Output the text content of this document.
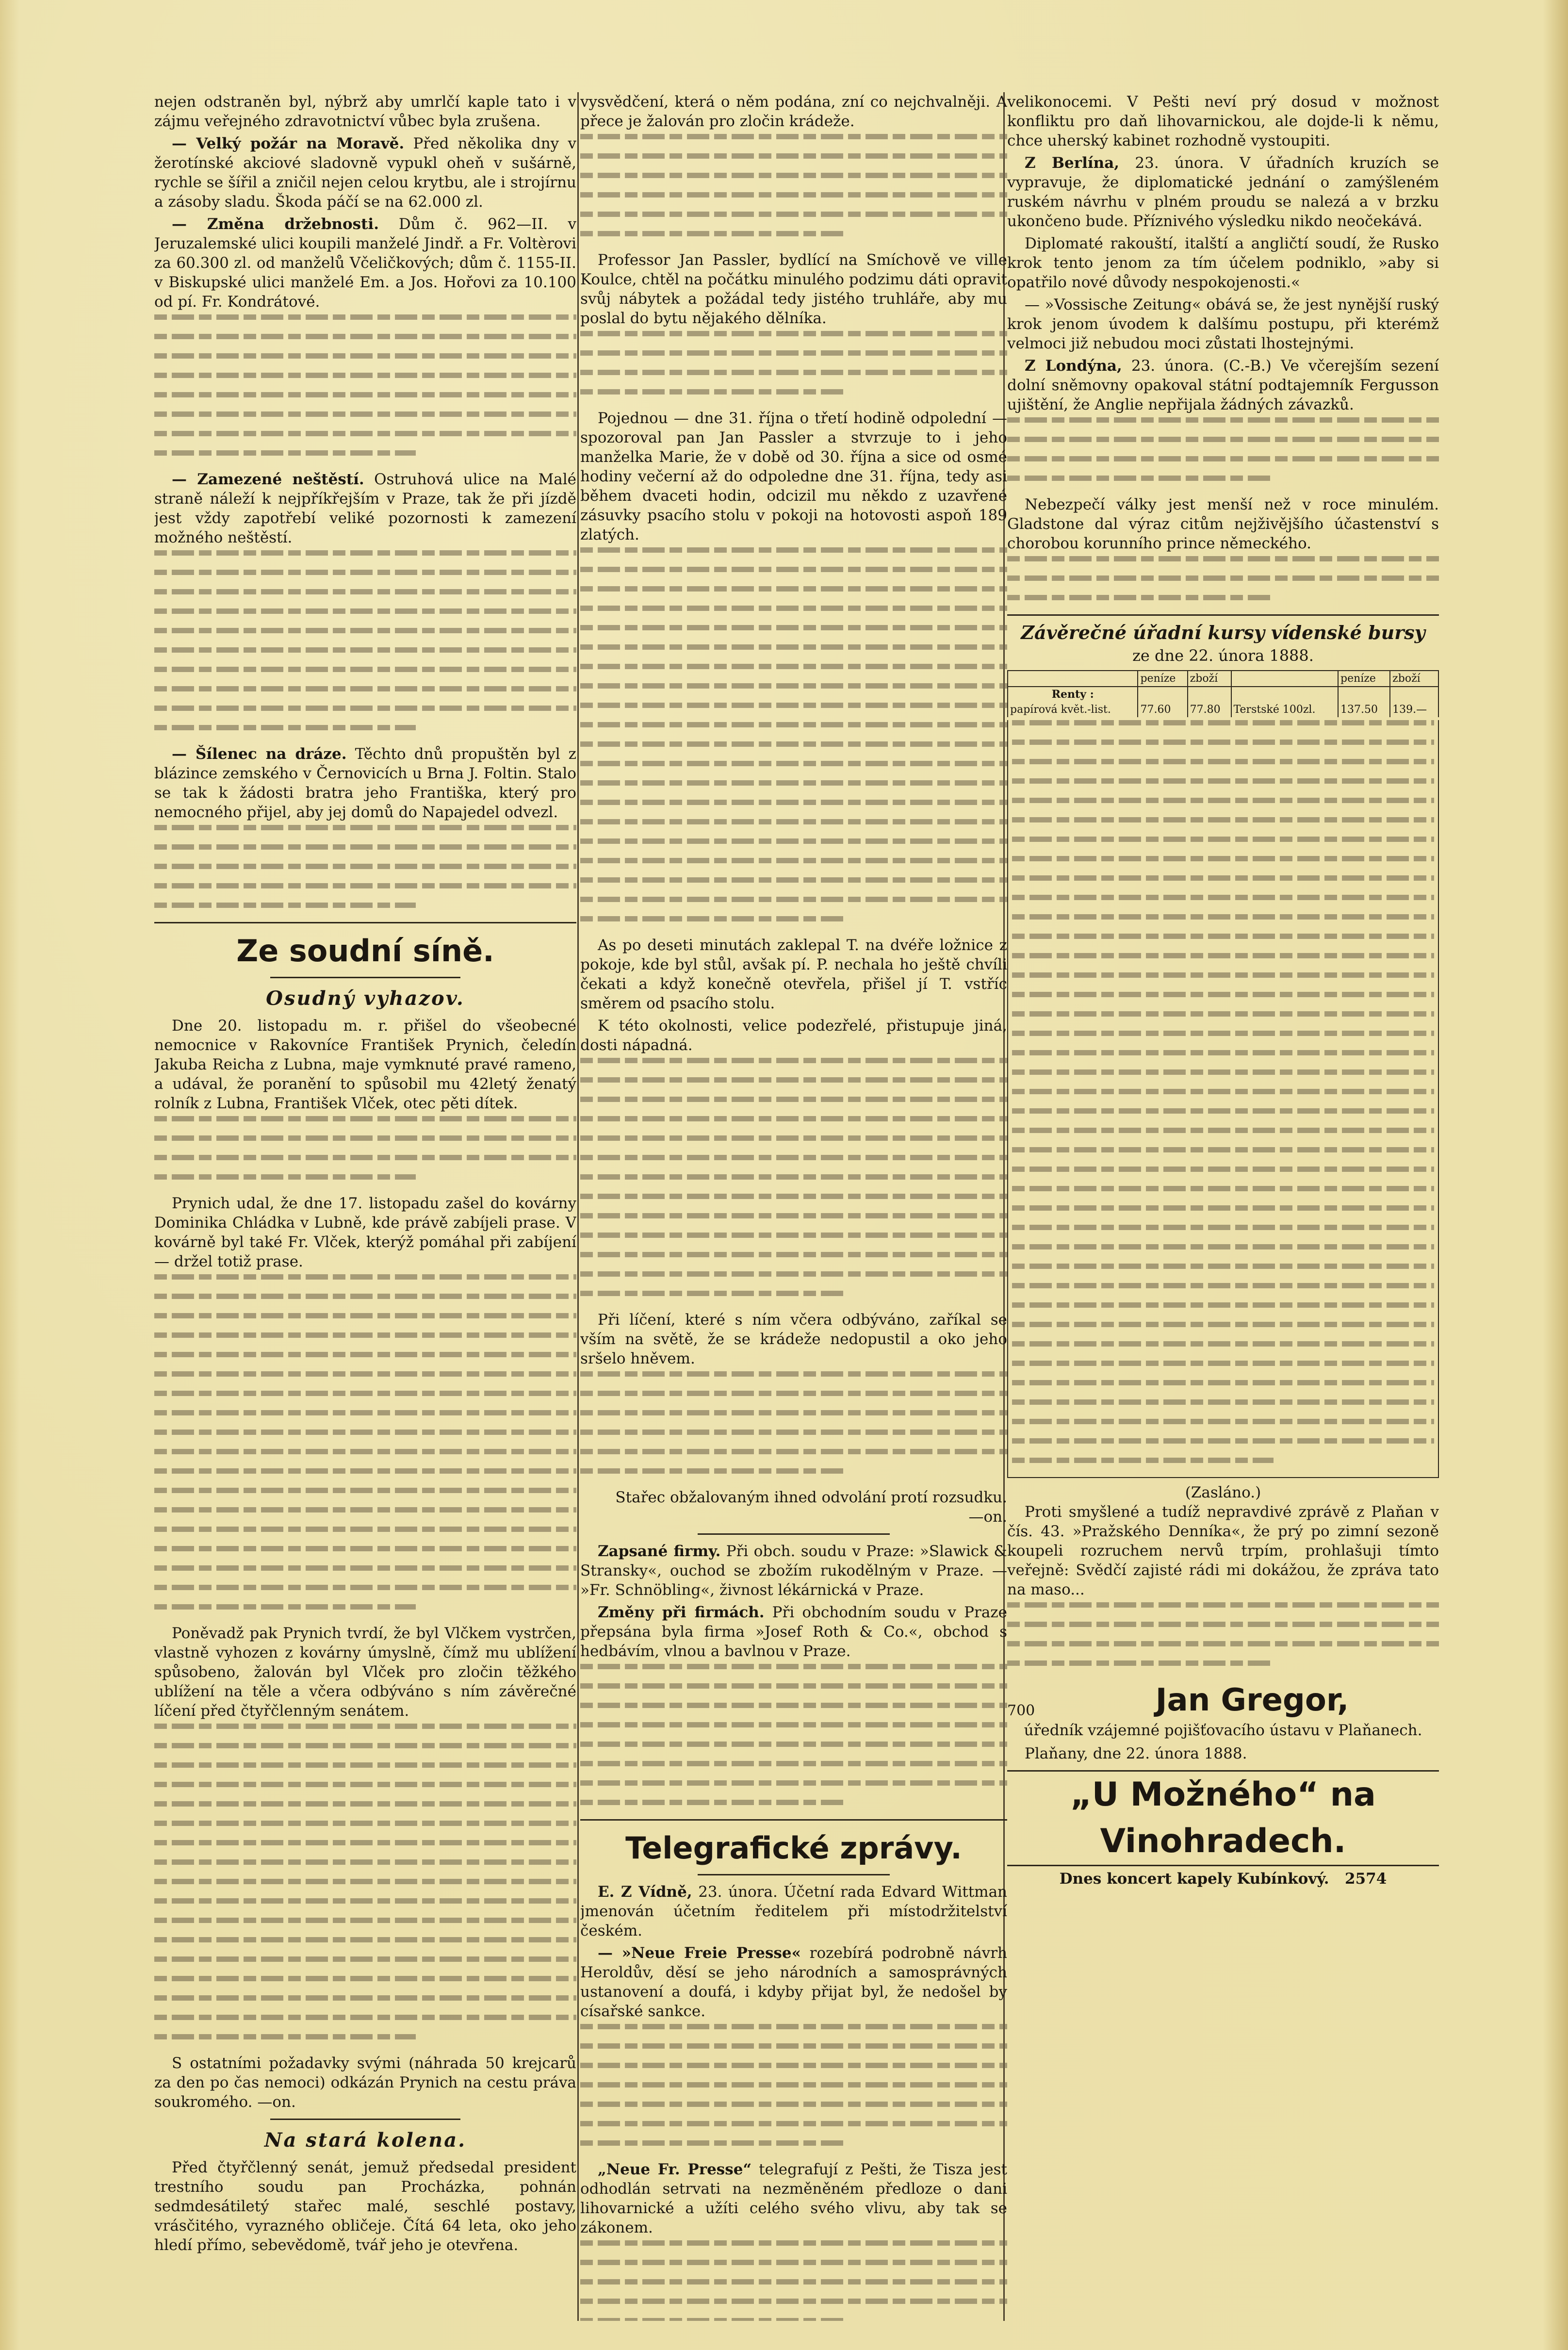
nejen odstraněn byl, nýbrž aby umrlčí kaple tato i v zájmu veřejného zdravotnictví vůbec byla zrušena.

— Velký požár na Moravě. Před několika dny v žerotínské akciové sladovně vypukl oheň v sušárně, rychle se šířil a zničil nejen celou krytbu, ale i strojírnu a zásoby sladu. Škoda páčí se na 62.000 zl.

— Změna držebnosti. Dům č. 962—II. v Jeruzalemské ulici koupili manželé Jindř. a Fr. Voltèrovi za 60.300 zl. od manželů Včeličkových; dům č. 1155-II. v Biskupské ulici manželé Em. a Jos. Hořovi za 10.100 od pí. Fr. Kondrátové.

— Zamezené neštěstí. Ostruhová ulice na Malé straně náleží k nejpříkřejším v Praze, tak že při jízdě jest vždy zapotřebí veliké pozornosti k zamezení možného neštěstí.

— Šílenec na dráze. Těchto dnů propuštěn byl z blázince zemského v Černovicích u Brna J. Foltin. Stalo se tak k žádosti bratra jeho Františka, který pro nemocného přijel, aby jej domů do Napajedel odvezl.

Ze soudní síně.
Osudný vyhazov.

Dne 20. listopadu m. r. přišel do všeobecné nemocnice v Rakovníce František Prynich, čeledín Jakuba Reicha z Lubna, maje vymknuté pravé rameno, a udával, že poranění to spůsobil mu 42letý ženatý rolník z Lubna, František Vlček, otec pěti dítek.

Prynich udal, že dne 17. listopadu zašel do kovárny Dominika Chládka v Lubně, kde právě zabíjeli prase. V kovárně byl také Fr. Vlček, kterýž pomáhal při zabíjení — držel totiž prase.

Poněvadž pak Prynich tvrdí, že byl Vlčkem vystrčen, vlastně vyhozen z kovárny úmyslně, čímž mu ublížení spůsobeno, žalován byl Vlček pro zločin těžkého ublížení na těle a včera odbýváno s ním závěrečné líčení před čtyřčlenným senátem.

S ostatními požadavky svými (náhrada 50 krejcarů za den po čas nemoci) odkázán Prynich na cestu práva soukromého. —on.

Na stará kolena.

Před čtyřčlenný senát, jemuž předsedal president trestního soudu pan Procházka, pohnán sedmdesátiletý stařec malé, seschlé postavy, vrásčitého, vyrazného obličeje. Čítá 64 leta, oko jeho hledí přímo, sebevědomě, tvář jeho je otevřena.

vysvědčení, která o něm podána, zní co nejchvalněji. A přece je žalován pro zločin krádeže.

Professor Jan Passler, bydlící na Smíchově ve ville Koulce, chtěl na počátku minulého podzimu dáti opravit svůj nábytek a požádal tedy jistého truhláře, aby mu poslal do bytu nějakého dělníka.

Pojednou — dne 31. října o třetí hodině odpolední — spozoroval pan Jan Passler a stvrzuje to i jeho manželka Marie, že v době od 30. října a sice od osmé hodiny večerní až do odpoledne dne 31. října, tedy asi během dvaceti hodin, odcizil mu někdo z uzavřené zásuvky psacího stolu v pokoji na hotovosti aspoň 189 zlatých.

As po deseti minutách zaklepal T. na dvéře ložnice z pokoje, kde byl stůl, avšak pí. P. nechala ho ještě chvíli čekati a když konečně otevřela, přišel jí T. vstříc směrem od psacího stolu.

K této okolnosti, velice podezřelé, přistupuje jiná, dosti nápadná.

Při líčení, které s ním včera odbýváno, zaříkal se vším na světě, že se krádeže nedopustil a oko jeho sršelo hněvem.

Stařec obžalovaným ihned odvolání protí rozsudku. —on.

Zapsané firmy. Při obch. soudu v Praze: »Slawick & Stransky«, ouchod se zbožím rukodělným v Praze. — »Fr. Schnöbling«, živnost lékárnická v Praze.

Změny při firmách. Při obchodním soudu v Praze přepsána byla firma »Josef Roth & Co.«, obchod s hedbávím, vlnou a bavlnou v Praze.

Telegrafické zprávy.

E. Z Vídně, 23. února. Účetní rada Edvard Wittman jmenován účetním ředitelem při místodržitelství českém.

— »Neue Freie Presse« rozebírá podrobně návrh Heroldův, děsí se jeho národních a samosprávných ustanovení a doufá, i kdyby přijat byl, že nedošel by císařské sankce.

„Neue Fr. Presse“ telegrafují z Pešti, že Tisza jest odhodlán setrvati na nezměněném předloze o dani lihovarnické a užíti celého svého vlivu, aby tak se zákonem.

velikonocemi. V Pešti neví prý dosud v možnost konfliktu pro daň lihovarnickou, ale dojde-li k němu, chce uherský kabinet rozhodně vystoupiti.

Z Berlína, 23. února. V úřadních kruzích se vypravuje, že diplomatické jednání o zamýšleném ruském návrhu v plném proudu se nalezá a v brzku ukončeno bude. Příznivého výsledku nikdo neočekává.

Diplomaté rakouští, italští a angličtí soudí, že Rusko krok tento jenom za tím účelem podniklo, »aby si opatřilo nové důvody nespokojenosti.«

— »Vossische Zeitung« obává se, že jest nynější ruský krok jenom úvodem k dalšímu postupu, při kterémž velmoci již nebudou moci zůstati lhostejnými.

Z Londýna, 23. února. (C.-B.) Ve včerejším sezení dolní sněmovny opakoval státní podtajemník Fergusson ujištění, že Anglie nepřijala žádných závazků.

Nebezpečí války jest menší než v roce minulém. Gladstone dal výraz citům nejživějšího účastenství s chorobou korunního prince německého.

Závěrečné úřadní kursy vídenské bursy
ze dne 22. února 1888.
	peníze	zboží		peníze	zboží
Renty :					
papírová květ.-list.	77.60	77.80	Terstské 100zl.	137.50	139.—
(Zasláno.)

Proti smyšlené a tudíž nepravdivé zprávě z Plaňan v čís. 43. »Pražského Denníka«, že prý po zimní sezoně koupeli rozruchem nervů trpím, prohlašuji tímto veřejně: Svědčí zajisté rádi mi dokážou, že zpráva tato na maso...

700	Jan Gregor,
úředník vzájemné pojišťovacího ústavu v Plaňanech.

Plaňany, dne 22. února 1888.

„U Možného“ na Vinohradech.
Dnes koncert kapely Kubínkový. 2574
